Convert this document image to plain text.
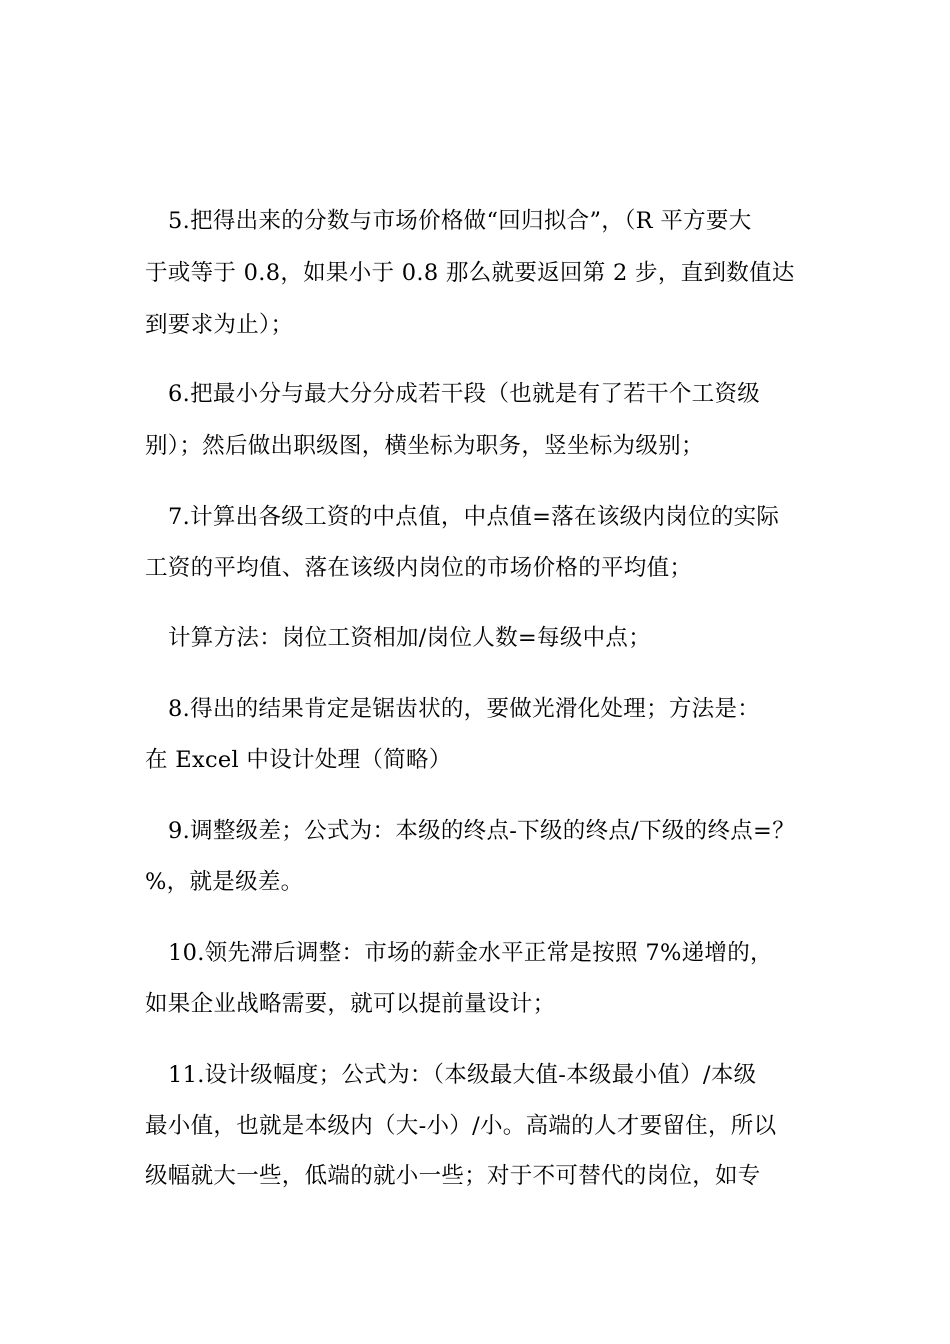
5.把得出来的分数与市场价格做“回归拟合”，（R 平方要大
于或等于 0.8，如果小于 0.8 那么就要返回第 2 步，直到数值达
到要求为止）；
6.把最小分与最大分分成若干段（也就是有了若干个工资级
别）；然后做出职级图，横坐标为职务，竖坐标为级别；
7.计算出各级工资的中点值，中点值=落在该级内岗位的实际
工资的平均值、落在该级内岗位的市场价格的平均值；
计算方法：岗位工资相加/岗位人数=每级中点；
8.得出的结果肯定是锯齿状的，要做光滑化处理；方法是：
在 Excel 中设计处理（简略）
9.调整级差；公式为：本级的终点-下级的终点/下级的终点=？
%，就是级差。
10.领先滞后调整：市场的薪金水平正常是按照 7%递增的，
如果企业战略需要，就可以提前量设计；
11.设计级幅度；公式为：（本级最大值-本级最小值）/本级
最小值，也就是本级内（大-小）/小。高端的人才要留住，所以
级幅就大一些，低端的就小一些；对于不可替代的岗位，如专
